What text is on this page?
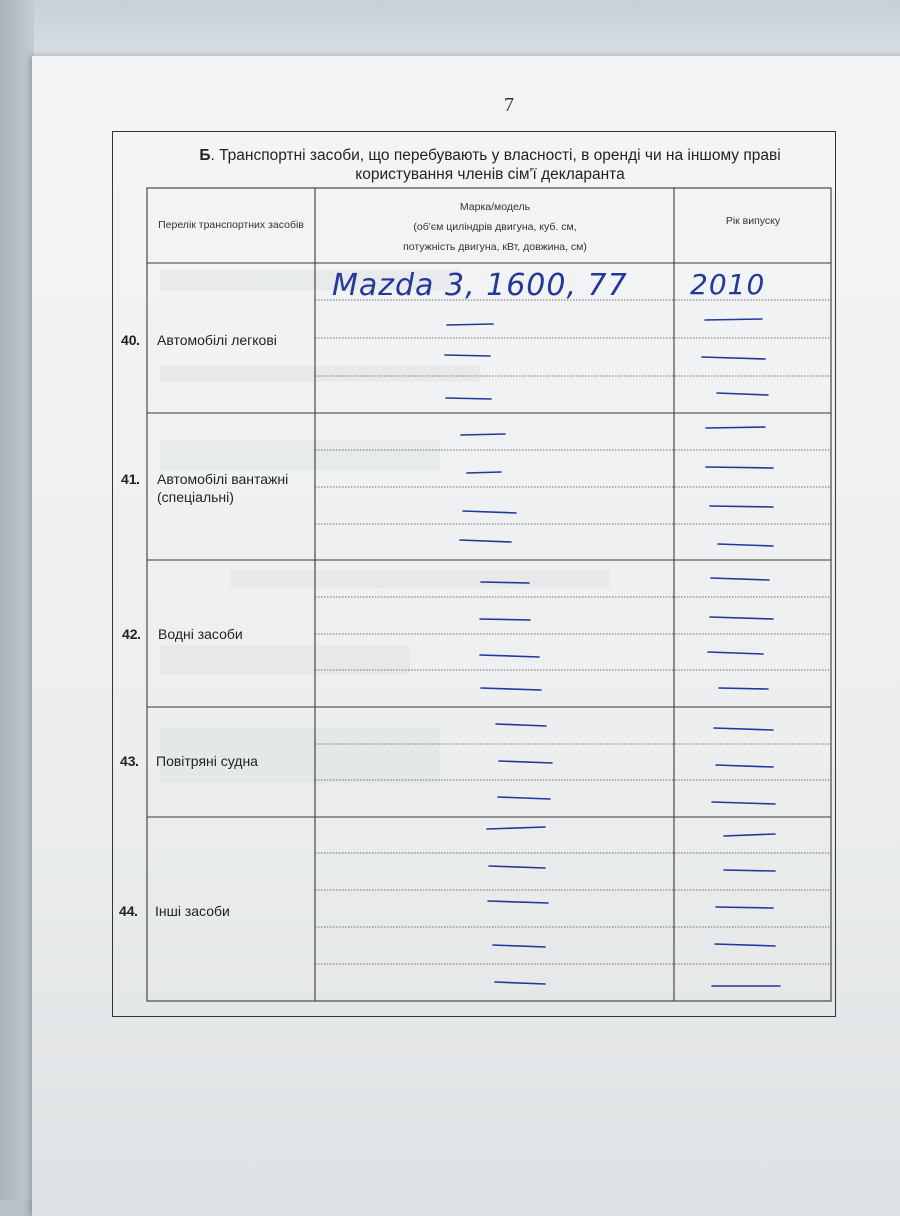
7
Б. Транспортні засоби, що перебувають у власності, в оренді чи на іншому праві користування членів сім'ї декларанта
Перелік транспортних засобів
Марка/модель
(об'єм циліндрів двигуна, куб. см,
потужність двигуна, кВт, довжина, см)
Рік випуску
40 . Автомобілі легкові
41 . Автомобілі вантажні (спеціальні)
42 . Водні засоби
43 . Повітряні судна
44 . Інші засоби
Mazda 3, 1600, 77 2010
